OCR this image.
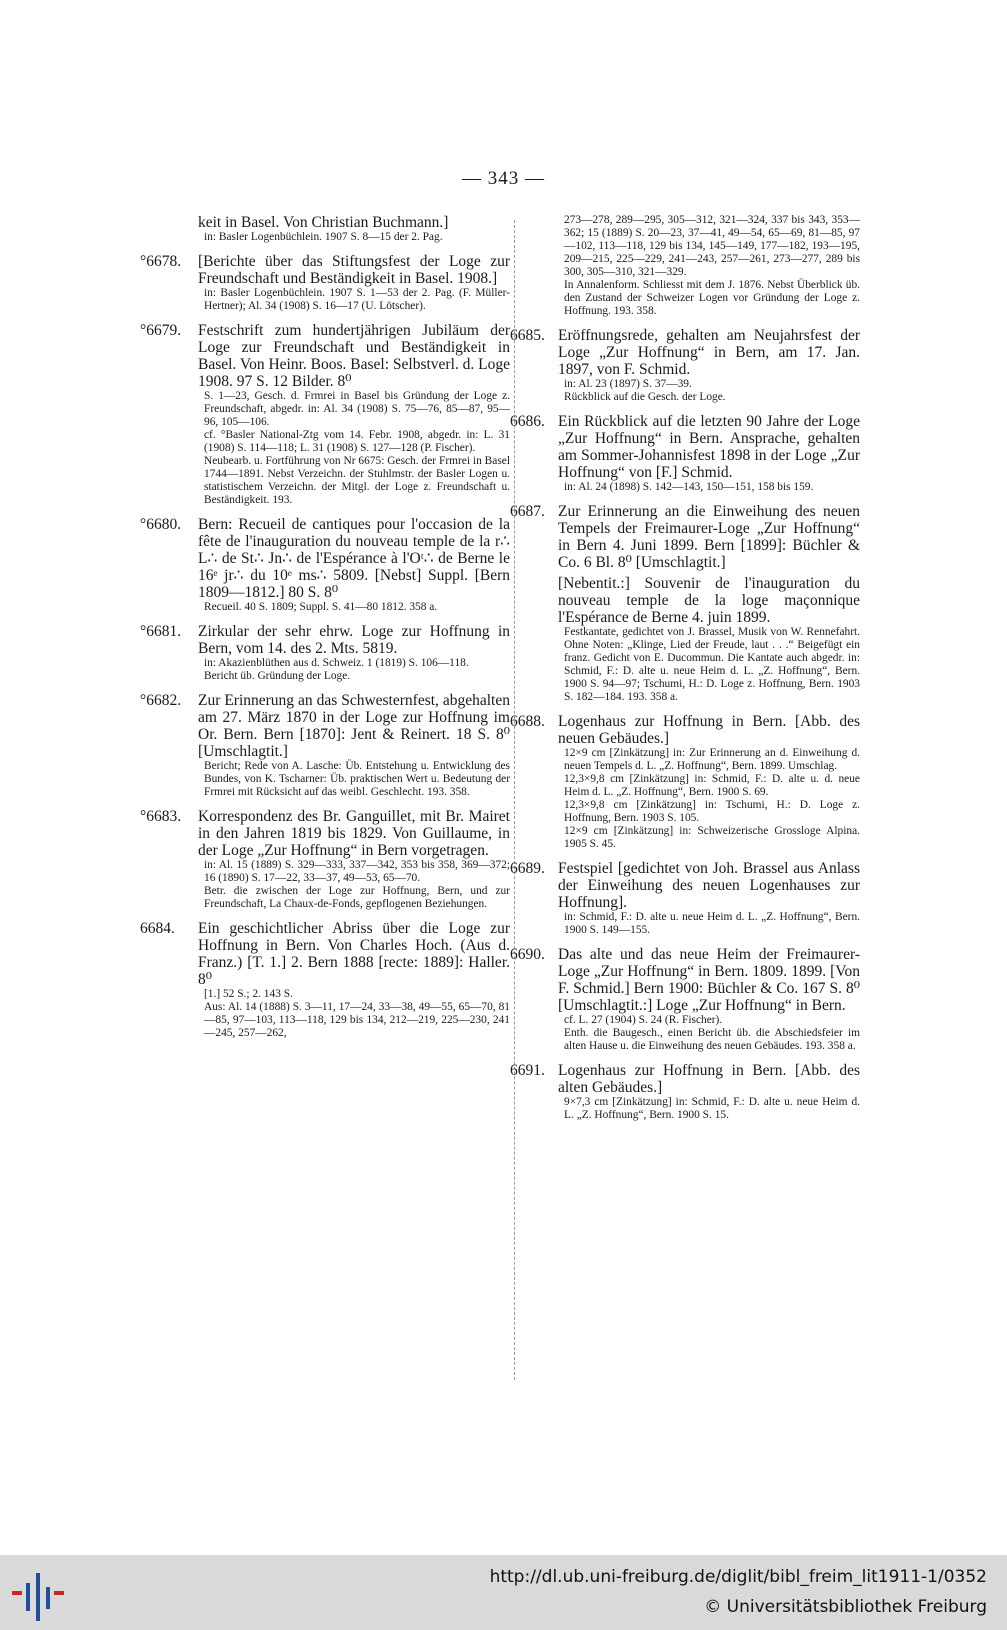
— 343 —
keit in Basel. Von Christian Buchmann.]
in: Basler Logenbüchlein. 1907 S. 8—15 der 2. Pag.
°6678. [Berichte über das Stiftungsfest der Loge zur Freundschaft und Beständigkeit in Basel. 1908.]
in: Basler Logenbüchlein. 1907 S. 1—53 der 2. Pag. (F. Müller-Hertner); Al. 34 (1908) S. 16—17 (U. Lötscher).
°6679. Festschrift zum hundertjährigen Jubiläum der Loge zur Freundschaft und Beständigkeit in Basel. Von Heinr. Boos. Basel: Selbstverl. d. Loge 1908. 97 S. 12 Bilder. 8⁰
S. 1—23, Gesch. d. Frmrei in Basel bis Gründung der Loge z. Freundschaft, abgedr. in: Al. 34 (1908) S. 75—76, 85—87, 95—96, 105—106.
cf. °Basler National-Ztg vom 14. Febr. 1908, abgedr. in: L. 31 (1908) S. 114—118; L. 31 (1908) S. 127—128 (P. Fischer).
Neubearb. u. Fortführung von Nr 6675: Gesch. der Frmrei in Basel 1744—1891. Nebst Verzeichn. der Stuhlmstr. der Basler Logen u. statistischem Verzeichn. der Mitgl. der Loge z. Freundschaft u. Beständigkeit. 193.
°6680. Bern: Recueil de cantiques pour l'occasion de la fête de l'inauguration du nouveau temple de la r∴ L∴ de St∴ Jn∴ de l'Espérance à l'Oᵗ∴ de Berne le 16ᵉ jr∴ du 10ᵉ ms∴ 5809. [Nebst] Suppl. [Bern 1809—1812.] 80 S. 8⁰
Recueil. 40 S. 1809; Suppl. S. 41—80 1812. 358 a.
°6681. Zirkular der sehr ehrw. Loge zur Hoffnung in Bern, vom 14. des 2. Mts. 5819.
in: Akazienblüthen aus d. Schweiz. 1 (1819) S. 106—118.
Bericht üb. Gründung der Loge.
°6682. Zur Erinnerung an das Schwesternfest, abgehalten am 27. März 1870 in der Loge zur Hoffnung im Or. Bern. Bern [1870]: Jent & Reinert. 18 S. 8⁰ [Umschlagtit.]
Bericht; Rede von A. Lasche: Üb. Entstehung u. Entwicklung des Bundes, von K. Tscharner: Üb. praktischen Wert u. Bedeutung der Frmrei mit Rücksicht auf das weibl. Geschlecht. 193. 358.
°6683. Korrespondenz des Br. Ganguillet, mit Br. Mairet in den Jahren 1819 bis 1829. Von Guillaume, in der Loge „Zur Hoffnung“ in Bern vorgetragen.
in: Al. 15 (1889) S. 329—333, 337—342, 353 bis 358, 369—372; 16 (1890) S. 17—22, 33—37, 49—53, 65—70.
Betr. die zwischen der Loge zur Hoffnung, Bern, und zur Freundschaft, La Chaux-de-Fonds, gepflogenen Beziehungen.
6684. Ein geschichtlicher Abriss über die Loge zur Hoffnung in Bern. Von Charles Hoch. (Aus d. Franz.) [T. 1.] 2. Bern 1888 [recte: 1889]: Haller. 8⁰
[1.] 52 S.; 2. 143 S.
Aus: Al. 14 (1888) S. 3—11, 17—24, 33—38, 49—55, 65—70, 81—85, 97—103, 113—118, 129 bis 134, 212—219, 225—230, 241—245, 257—262,
273—278, 289—295, 305—312, 321—324, 337 bis 343, 353—362; 15 (1889) S. 20—23, 37—41, 49—54, 65—69, 81—85, 97—102, 113—118, 129 bis 134, 145—149, 177—182, 193—195, 209—215, 225—229, 241—243, 257—261, 273—277, 289 bis 300, 305—310, 321—329.
In Annalenform. Schliesst mit dem J. 1876. Nebst Überblick üb. den Zustand der Schweizer Logen vor Gründung der Loge z. Hoffnung. 193. 358.
6685. Eröffnungsrede, gehalten am Neujahrsfest der Loge „Zur Hoffnung“ in Bern, am 17. Jan. 1897, von F. Schmid.
in: Al. 23 (1897) S. 37—39.
Rückblick auf die Gesch. der Loge.
6686. Ein Rückblick auf die letzten 90 Jahre der Loge „Zur Hoffnung“ in Bern. Ansprache, gehalten am Sommer-Johannisfest 1898 in der Loge „Zur Hoffnung“ von [F.] Schmid.
in: Al. 24 (1898) S. 142—143, 150—151, 158 bis 159.
6687. Zur Erinnerung an die Einweihung des neuen Tempels der Freimaurer-Loge „Zur Hoffnung“ in Bern 4. Juni 1899. Bern [1899]: Büchler & Co. 6 Bl. 8⁰ [Umschlagtit.]
[Nebentit.:] Souvenir de l'inauguration du nouveau temple de la loge maçonnique l'Espérance de Berne 4. juin 1899.
Festkantate, gedichtet von J. Brassel, Musik von W. Rennefahrt. Ohne Noten: „Klinge, Lied der Freude, laut . . .“ Beigefügt ein franz. Gedicht von E. Ducommun. Die Kantate auch abgedr. in: Schmid, F.: D. alte u. neue Heim d. L. „Z. Hoffnung“, Bern. 1900 S. 94—97; Tschumi, H.: D. Loge z. Hoffnung, Bern. 1903 S. 182—184. 193. 358 a.
6688. Logenhaus zur Hoffnung in Bern. [Abb. des neuen Gebäudes.]
12×9 cm [Zinkätzung] in: Zur Erinnerung an d. Einweihung d. neuen Tempels d. L. „Z. Hoffnung“, Bern. 1899. Umschlag.
12,3×9,8 cm [Zinkätzung] in: Schmid, F.: D. alte u. d. neue Heim d. L. „Z. Hoffnung“, Bern. 1900 S. 69.
12,3×9,8 cm [Zinkätzung] in: Tschumi, H.: D. Loge z. Hoffnung, Bern. 1903 S. 105.
12×9 cm [Zinkätzung] in: Schweizerische Grossloge Alpina. 1905 S. 45.
6689. Festspiel [gedichtet von Joh. Brassel aus Anlass der Einweihung des neuen Logenhauses zur Hoffnung].
in: Schmid, F.: D. alte u. neue Heim d. L. „Z. Hoffnung“, Bern. 1900 S. 149—155.
6690. Das alte und das neue Heim der Freimaurer-Loge „Zur Hoffnung“ in Bern. 1809. 1899. [Von F. Schmid.] Bern 1900: Büchler & Co. 167 S. 8⁰ [Umschlagtit.:] Loge „Zur Hoffnung“ in Bern.
cf. L. 27 (1904) S. 24 (R. Fischer).
Enth. die Baugesch., einen Bericht üb. die Abschiedsfeier im alten Hause u. die Einweihung des neuen Gebäudes. 193. 358 a.
6691. Logenhaus zur Hoffnung in Bern. [Abb. des alten Gebäudes.]
9×7,3 cm [Zinkätzung] in: Schmid, F.: D. alte u. neue Heim d. L. „Z. Hoffnung“, Bern. 1900 S. 15.
http://dl.ub.uni-freiburg.de/diglit/bibl_freim_lit1911-1/0352
© Universitätsbibliothek Freiburg
